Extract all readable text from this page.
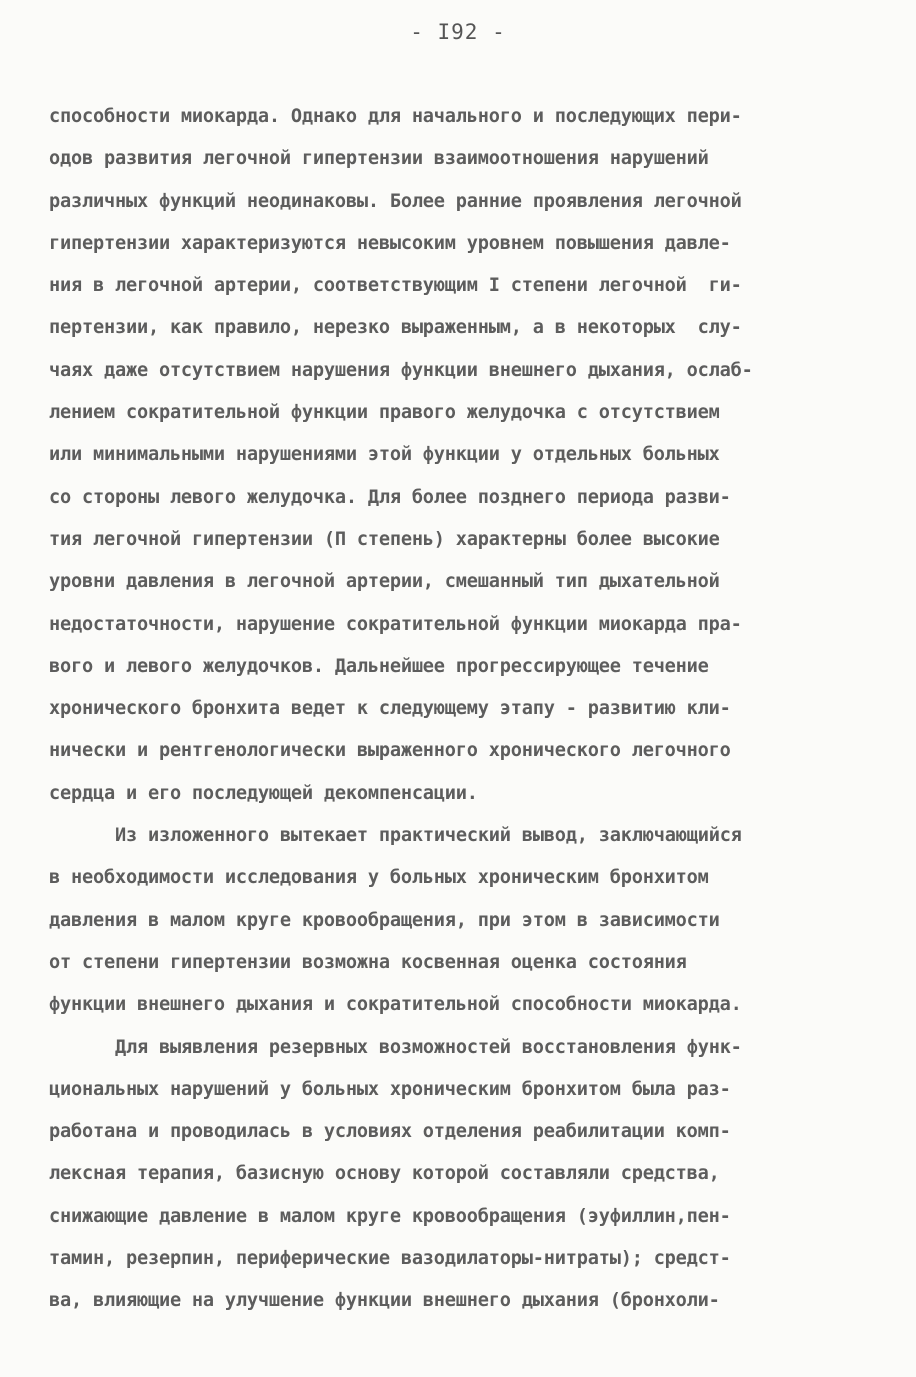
- I92 -
способности миокарда. Однако для начального и последующих пери-
одов развития легочной гипертензии взаимоотношения нарушений
различных функций неодинаковы. Более ранние проявления легочной
гипертензии характеризуются невысоким уровнем повышения давле-
ния в легочной артерии, соответствующим I степени легочной  ги-
пертензии, как правило, нерезко выраженным, а в некоторых  слу-
чаях даже отсутствием нарушения функции внешнего дыхания, ослаб-
лением сократительной функции правого желудочка с отсутствием
или минимальными нарушениями этой функции у отдельных больных
со стороны левого желудочка. Для более позднего периода разви-
тия легочной гипертензии (П степень) характерны более высокие
уровни давления в легочной артерии, смешанный тип дыхательной
недостаточности, нарушение сократительной функции миокарда пра-
вого и левого желудочков. Дальнейшее прогрессирующее течение
хронического бронхита ведет к следующему этапу - развитию кли-
нически и рентгенологически выраженного хронического легочного
сердца и его последующей декомпенсации.
Из изложенного вытекает практический вывод, заключающийся
в необходимости исследования у больных хроническим бронхитом
давления в малом круге кровообращения, при этом в зависимости
от степени гипертензии возможна косвенная оценка состояния
функции внешнего дыхания и сократительной способности миокарда.
Для выявления резервных возможностей восстановления функ-
циональных нарушений у больных хроническим бронхитом была раз-
работана и проводилась в условиях отделения реабилитации комп-
лексная терапия, базисную основу которой составляли средства,
снижающие давление в малом круге кровообращения (эуфиллин,пен-
тамин, резерпин, периферические вазодилаторы-нитраты); средст-
ва, влияющие на улучшение функции внешнего дыхания (бронхоли-
